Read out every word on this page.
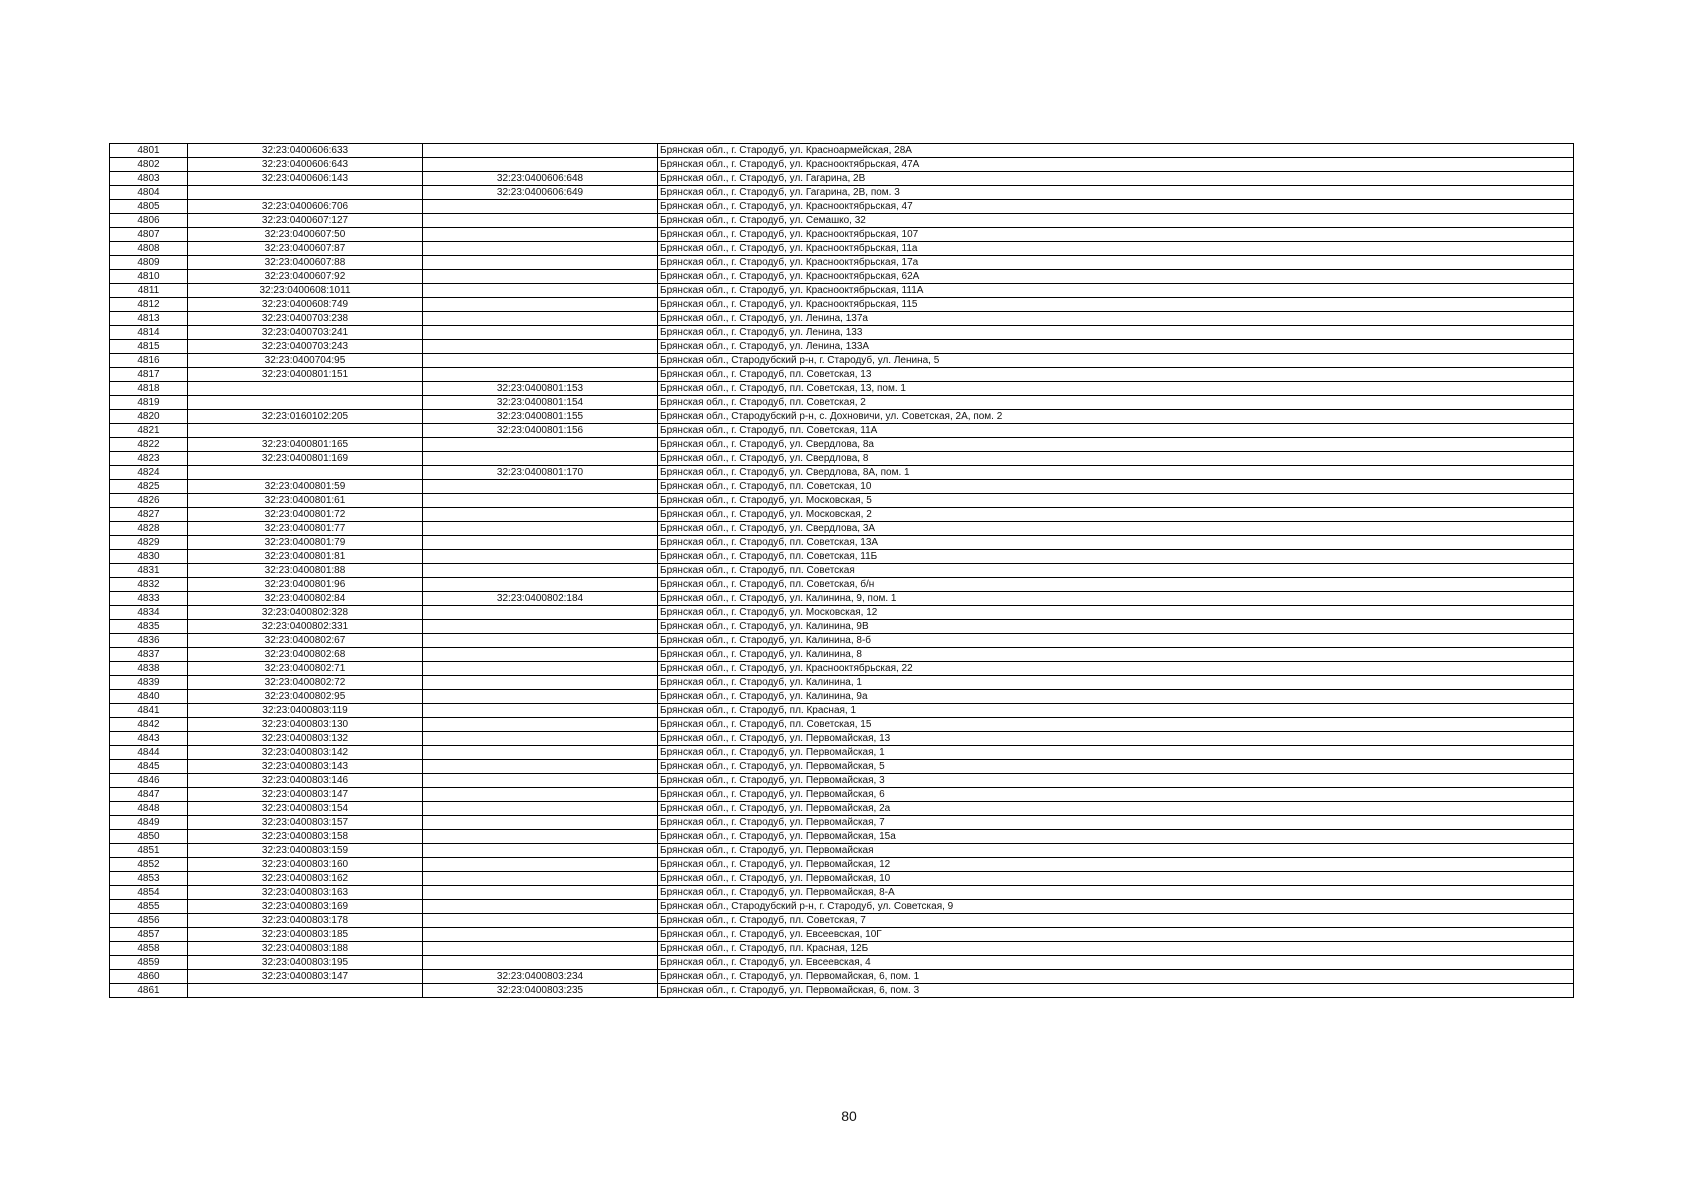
4801	32:23:0400606:633		Брянская обл., г. Стародуб, ул. Красноармейская, 28А
4802	32:23:0400606:643		Брянская обл., г. Стародуб, ул. Краснооктябрьская, 47А
4803	32:23:0400606:143	32:23:0400606:648	Брянская обл., г. Стародуб, ул. Гагарина, 2В
4804		32:23:0400606:649	Брянская обл., г. Стародуб, ул. Гагарина, 2В, пом. 3
4805	32:23:0400606:706		Брянская обл., г. Стародуб, ул. Краснооктябрьская, 47
4806	32:23:0400607:127		Брянская обл., г. Стародуб, ул. Семашко, 32
4807	32:23:0400607:50		Брянская обл., г. Стародуб, ул. Краснооктябрьская, 107
4808	32:23:0400607:87		Брянская обл., г. Стародуб, ул. Краснооктябрьская, 11а
4809	32:23:0400607:88		Брянская обл., г. Стародуб, ул. Краснооктябрьская, 17а
4810	32:23:0400607:92		Брянская обл., г. Стародуб, ул. Краснооктябрьская, 62А
4811	32:23:0400608:1011		Брянская обл., г. Стародуб, ул. Краснооктябрьская, 111А
4812	32:23:0400608:749		Брянская обл., г. Стародуб, ул. Краснооктябрьская, 115
4813	32:23:0400703:238		Брянская обл., г. Стародуб, ул. Ленина, 137а
4814	32:23:0400703:241		Брянская обл., г. Стародуб, ул. Ленина, 133
4815	32:23:0400703:243		Брянская обл., г. Стародуб, ул. Ленина, 133А
4816	32:23:0400704:95		Брянская обл., Стародубский р-н, г. Стародуб, ул. Ленина, 5
4817	32:23:0400801:151		Брянская обл., г. Стародуб, пл. Советская, 13
4818		32:23:0400801:153	Брянская обл., г. Стародуб, пл. Советская, 13, пом. 1
4819		32:23:0400801:154	Брянская обл., г. Стародуб, пл. Советская, 2
4820	32:23:0160102:205	32:23:0400801:155	Брянская обл., Стародубский р-н, с. Дохновичи, ул. Советская, 2А, пом. 2
4821		32:23:0400801:156	Брянская обл., г. Стародуб, пл. Советская, 11А
4822	32:23:0400801:165		Брянская обл., г. Стародуб, ул. Свердлова, 8а
4823	32:23:0400801:169		Брянская обл., г. Стародуб, ул. Свердлова, 8
4824		32:23:0400801:170	Брянская обл., г. Стародуб, ул. Свердлова, 8А, пом. 1
4825	32:23:0400801:59		Брянская обл., г. Стародуб, пл. Советская, 10
4826	32:23:0400801:61		Брянская обл., г. Стародуб, ул. Московская, 5
4827	32:23:0400801:72		Брянская обл., г. Стародуб, ул. Московская, 2
4828	32:23:0400801:77		Брянская обл., г. Стародуб, ул. Свердлова, 3А
4829	32:23:0400801:79		Брянская обл., г. Стародуб, пл. Советская, 13А
4830	32:23:0400801:81		Брянская обл., г. Стародуб, пл. Советская, 11Б
4831	32:23:0400801:88		Брянская обл., г. Стародуб, пл. Советская
4832	32:23:0400801:96		Брянская обл., г. Стародуб, пл. Советская, б/н
4833	32:23:0400802:84	32:23:0400802:184	Брянская обл., г. Стародуб, ул. Калинина, 9, пом. 1
4834	32:23:0400802:328		Брянская обл., г. Стародуб, ул. Московская, 12
4835	32:23:0400802:331		Брянская обл., г. Стародуб, ул. Калинина, 9В
4836	32:23:0400802:67		Брянская обл., г. Стародуб, ул. Калинина, 8-б
4837	32:23:0400802:68		Брянская обл., г. Стародуб, ул. Калинина, 8
4838	32:23:0400802:71		Брянская обл., г. Стародуб, ул. Краснооктябрьская, 22
4839	32:23:0400802:72		Брянская обл., г. Стародуб, ул. Калинина, 1
4840	32:23:0400802:95		Брянская обл., г. Стародуб, ул. Калинина, 9а
4841	32:23:0400803:119		Брянская обл., г. Стародуб, пл. Красная, 1
4842	32:23:0400803:130		Брянская обл., г. Стародуб, пл. Советская, 15
4843	32:23:0400803:132		Брянская обл., г. Стародуб, ул. Первомайская, 13
4844	32:23:0400803:142		Брянская обл., г. Стародуб, ул. Первомайская, 1
4845	32:23:0400803:143		Брянская обл., г. Стародуб, ул. Первомайская, 5
4846	32:23:0400803:146		Брянская обл., г. Стародуб, ул. Первомайская, 3
4847	32:23:0400803:147		Брянская обл., г. Стародуб, ул. Первомайская, 6
4848	32:23:0400803:154		Брянская обл., г. Стародуб, ул. Первомайская, 2а
4849	32:23:0400803:157		Брянская обл., г. Стародуб, ул. Первомайская, 7
4850	32:23:0400803:158		Брянская обл., г. Стародуб, ул. Первомайская, 15а
4851	32:23:0400803:159		Брянская обл., г. Стародуб, ул. Первомайская
4852	32:23:0400803:160		Брянская обл., г. Стародуб, ул. Первомайская, 12
4853	32:23:0400803:162		Брянская обл., г. Стародуб, ул. Первомайская, 10
4854	32:23:0400803:163		Брянская обл., г. Стародуб, ул. Первомайская, 8-А
4855	32:23:0400803:169		Брянская обл., Стародубский р-н, г. Стародуб, ул. Советская, 9
4856	32:23:0400803:178		Брянская обл., г. Стародуб, пл. Советская, 7
4857	32:23:0400803:185		Брянская обл., г. Стародуб, ул. Евсеевская, 10Г
4858	32:23:0400803:188		Брянская обл., г. Стародуб, пл. Красная, 12Б
4859	32:23:0400803:195		Брянская обл., г. Стародуб, ул. Евсеевская, 4
4860	32:23:0400803:147	32:23:0400803:234	Брянская обл., г. Стародуб, ул. Первомайская, 6, пом. 1
4861		32:23:0400803:235	Брянская обл., г. Стародуб, ул. Первомайская, 6, пом. 3
80
